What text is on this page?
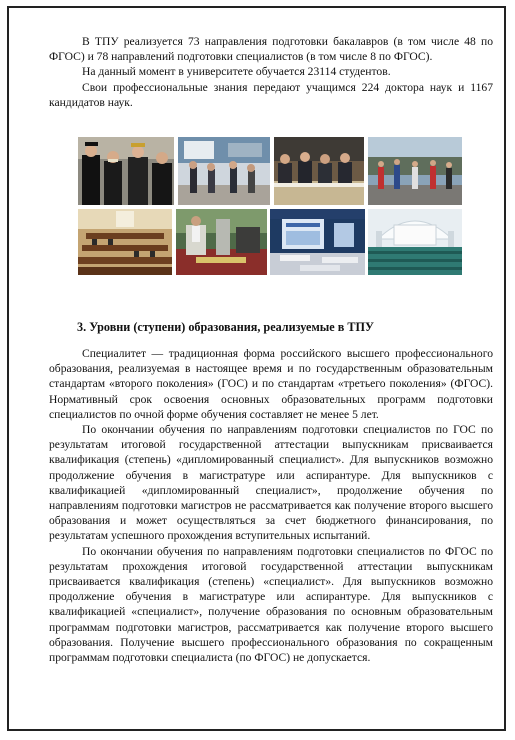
В ТПУ реализуется 73 направления подготовки бакалавров (в том числе 48 по ФГОС) и 78 направлений подготовки специалистов (в том числе 8 по ФГОС).

На данный момент в университете обучается 23114 студентов.

Свои профессиональные знания передают учащимся 224 доктора наук и 1167 кандидатов наук.

3. Уровни (ступени) образования, реализуемые в ТПУ

Специалитет — традиционная форма российского высшего профессионального образования, реализуемая в настоящее время и по государственным образовательным стандартам «второго поколения» (ГОС) и по стандартам «третьего поколения» (ФГОС). Нормативный срок освоения основных образовательных программ подготовки специалистов по очной форме обучения составляет не менее 5 лет.

По окончании обучения по направлениям подготовки специалистов по ГОС по результатам итоговой государственной аттестации выпускникам присваивается квалификация (степень) «дипломированный специалист». Для выпускников возможно продолжение обучения в магистратуре или аспирантуре. Для выпускников с квалификацией «дипломированный специалист», продолжение обучения по направлениям подготовки магистров не рассматривается как получение второго высшего образования и может осуществляться за счет бюджетного финансирования, по результатам успешного прохождения вступительных испытаний.

По окончании обучения по направлениям подготовки специалистов по ФГОС по результатам прохождения итоговой государственной аттестации выпускникам присваивается квалификация (степень) «специалист». Для выпускников возможно продолжение обучения в магистратуре или аспирантуре. Для выпускников с квалификацией «специалист», получение образования по основным образовательным программам подготовки магистров, рассматривается как получение второго высшего образования. Получение высшего профессионального образования по сокращенным программам подготовки специалиста (по ФГОС) не допускается.
